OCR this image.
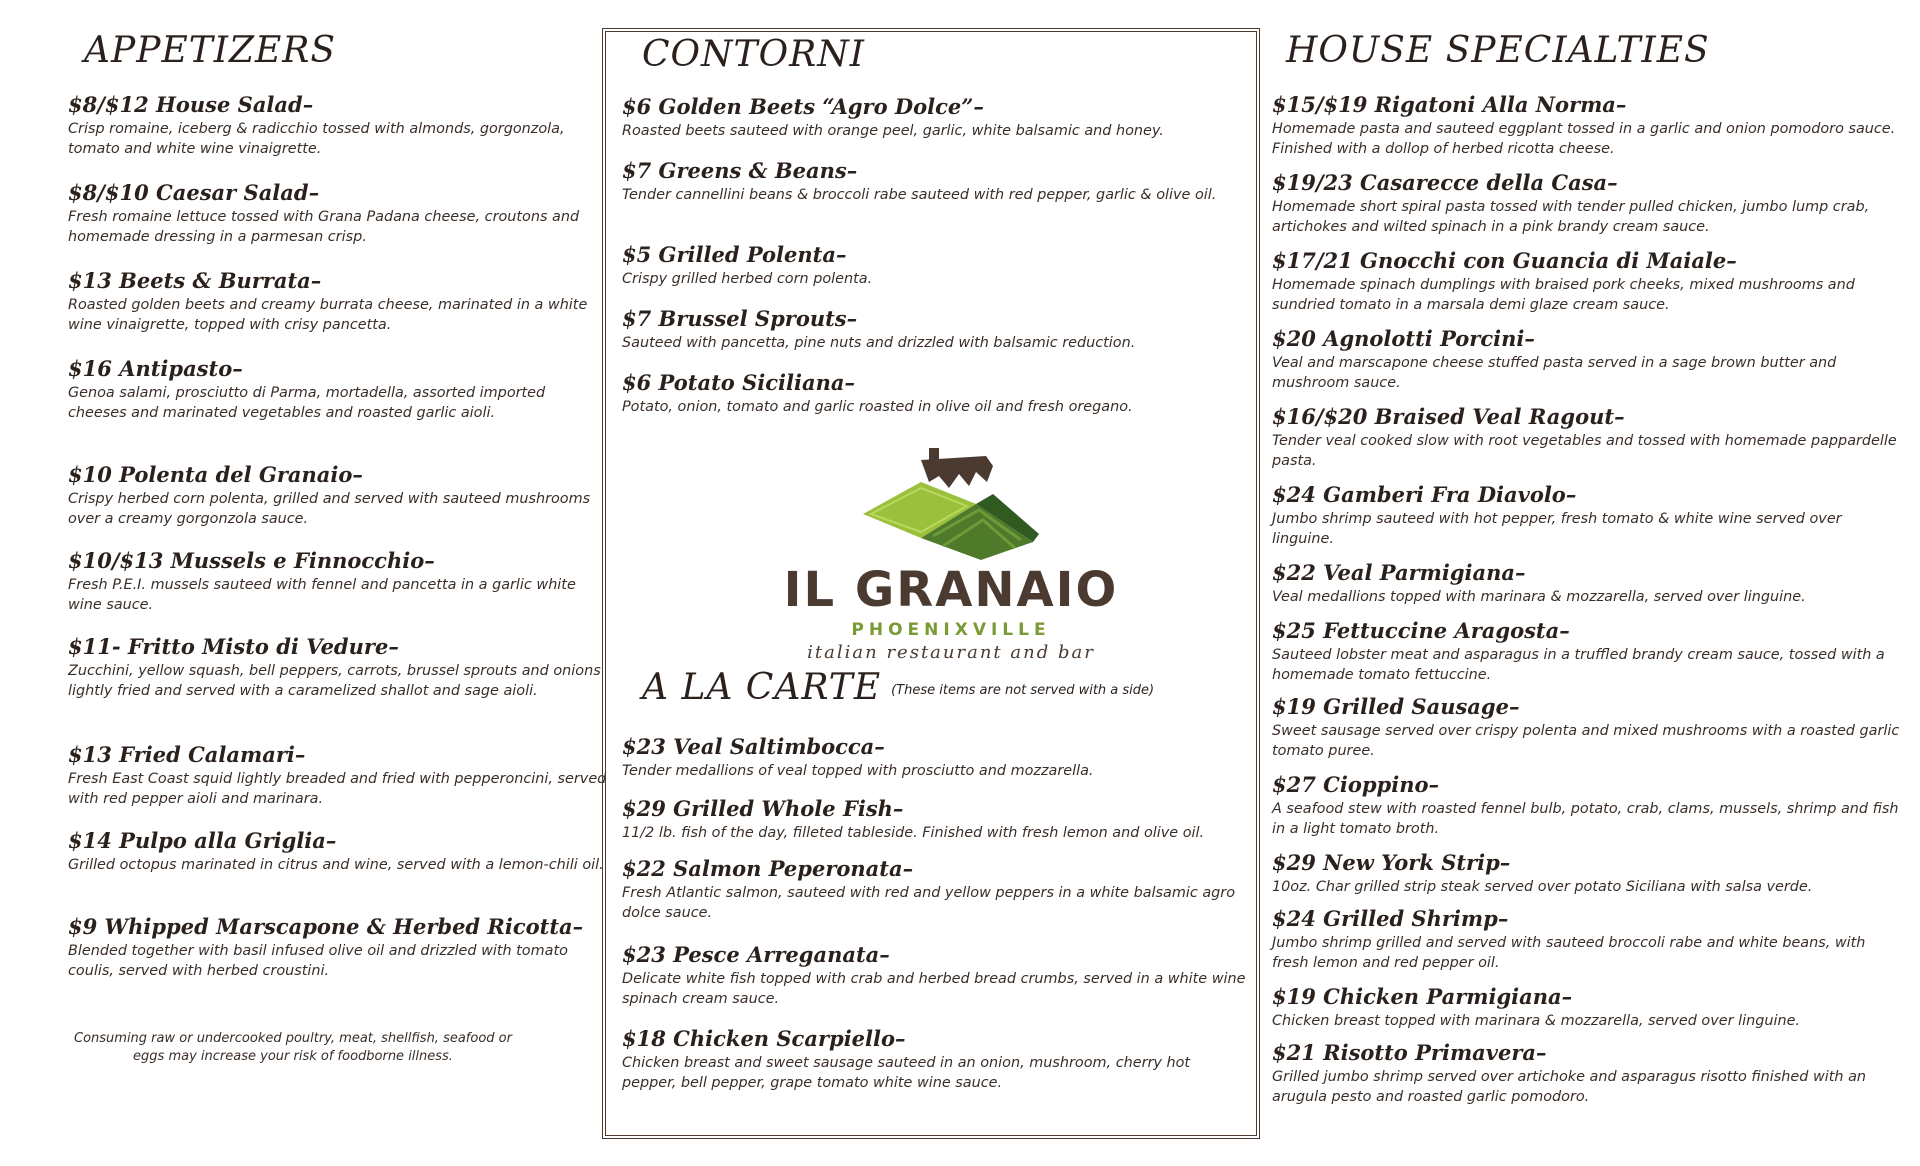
APPETIZERS
$8/$12 House Salad –
Crisp romaine, iceberg & radicchio tossed with almonds, gorgonzola, tomato and white wine vinaigrette.
$8/$10 Caesar Salad –
Fresh romaine lettuce tossed with Grana Padana cheese, croutons and homemade dressing in a parmesan crisp.
$13 Beets & Burrata –
Roasted golden beets and creamy burrata cheese, marinated in a white wine vinaigrette, topped with crisy pancetta.
$16 Antipasto –
Genoa salami, prosciutto di Parma, mortadella, assorted imported cheeses and marinated vegetables and roasted garlic aioli.
$10 Polenta del Granaio –
Crispy herbed corn polenta, grilled and served with sauteed mushrooms over a creamy gorgonzola sauce.
$10/$13 Mussels e Finnocchio –
Fresh P.E.I. mussels sauteed with fennel and pancetta in a garlic white wine sauce.
$11- Fritto Misto di Vedure –
Zucchini, yellow squash, bell peppers, carrots, brussel sprouts and onions lightly fried and served with a caramelized shallot and sage aioli.
$13 Fried Calamari –
Fresh East Coast squid lightly breaded and fried with pepperoncini, served with red pepper aioli and marinara.
$14 Pulpo alla Griglia –
Grilled octopus marinated in citrus and wine, served with a lemon-chili oil.
$9 Whipped Marscapone & Herbed Ricotta –
Blended together with basil infused olive oil and drizzled with tomato coulis, served with herbed croustini.
Consuming raw or undercooked poultry, meat, shellfish, seafood or eggs may increase your risk of foodborne illness.
CONTORNI
$6 Golden Beets “Agro Dolce” –
Roasted beets sauteed with orange peel, garlic, white balsamic and honey.
$7 Greens & Beans –
Tender cannellini beans & broccoli rabe sauteed with red pepper, garlic & olive oil.
$5 Grilled Polenta –
Crispy grilled herbed corn polenta.
$7 Brussel Sprouts –
Sauteed with pancetta, pine nuts and drizzled with balsamic reduction.
$6 Potato Siciliana –
Potato, onion, tomato and garlic roasted in olive oil and fresh oregano.
IL GRANAIO
PHOENIXVILLE
italian restaurant and bar
A LA CARTE (These items are not served with a side)
$23 Veal Saltimbocca –
Tender medallions of veal topped with prosciutto and mozzarella.
$29 Grilled Whole Fish –
11/2 lb. fish of the day, filleted tableside. Finished with fresh lemon and olive oil.
$22 Salmon Peperonata –
Fresh Atlantic salmon, sauteed with red and yellow peppers in a white balsamic agro dolce sauce.
$23 Pesce Arreganata –
Delicate white fish topped with crab and herbed bread crumbs, served in a white wine spinach cream sauce.
$18 Chicken Scarpiello –
Chicken breast and sweet sausage sauteed in an onion, mushroom, cherry hot pepper, bell pepper, grape tomato white wine sauce.
HOUSE SPECIALTIES
$15/$19 Rigatoni Alla Norma –
Homemade pasta and sauteed eggplant tossed in a garlic and onion pomodoro sauce. Finished with a dollop of herbed ricotta cheese.
$19/23 Casarecce della Casa –
Homemade short spiral pasta tossed with tender pulled chicken, jumbo lump crab, artichokes and wilted spinach in a pink brandy cream sauce.
$17/21 Gnocchi con Guancia di Maiale –
Homemade spinach dumplings with braised pork cheeks, mixed mushrooms and sundried tomato in a marsala demi glaze cream sauce.
$20 Agnolotti Porcini –
Veal and marscapone cheese stuffed pasta served in a sage brown butter and mushroom sauce.
$16/$20 Braised Veal Ragout –
Tender veal cooked slow with root vegetables and tossed with homemade pappardelle pasta.
$24 Gamberi Fra Diavolo –
Jumbo shrimp sauteed with hot pepper, fresh tomato & white wine served over linguine.
$22 Veal Parmigiana –
Veal medallions topped with marinara & mozzarella, served over linguine.
$25 Fettuccine Aragosta –
Sauteed lobster meat and asparagus in a truffled brandy cream sauce, tossed with a homemade tomato fettuccine.
$19 Grilled Sausage –
Sweet sausage served over crispy polenta and mixed mushrooms with a roasted garlic tomato puree.
$27 Cioppino –
A seafood stew with roasted fennel bulb, potato, crab, clams, mussels, shrimp and fish in a light tomato broth.
$29 New York Strip –
10oz. Char grilled strip steak served over potato Siciliana with salsa verde.
$24 Grilled Shrimp –
Jumbo shrimp grilled and served with sauteed broccoli rabe and white beans, with fresh lemon and red pepper oil.
$19 Chicken Parmigiana –
Chicken breast topped with marinara & mozzarella, served over linguine.
$21 Risotto Primavera –
Grilled jumbo shrimp served over artichoke and asparagus risotto finished with an arugula pesto and roasted garlic pomodoro.
